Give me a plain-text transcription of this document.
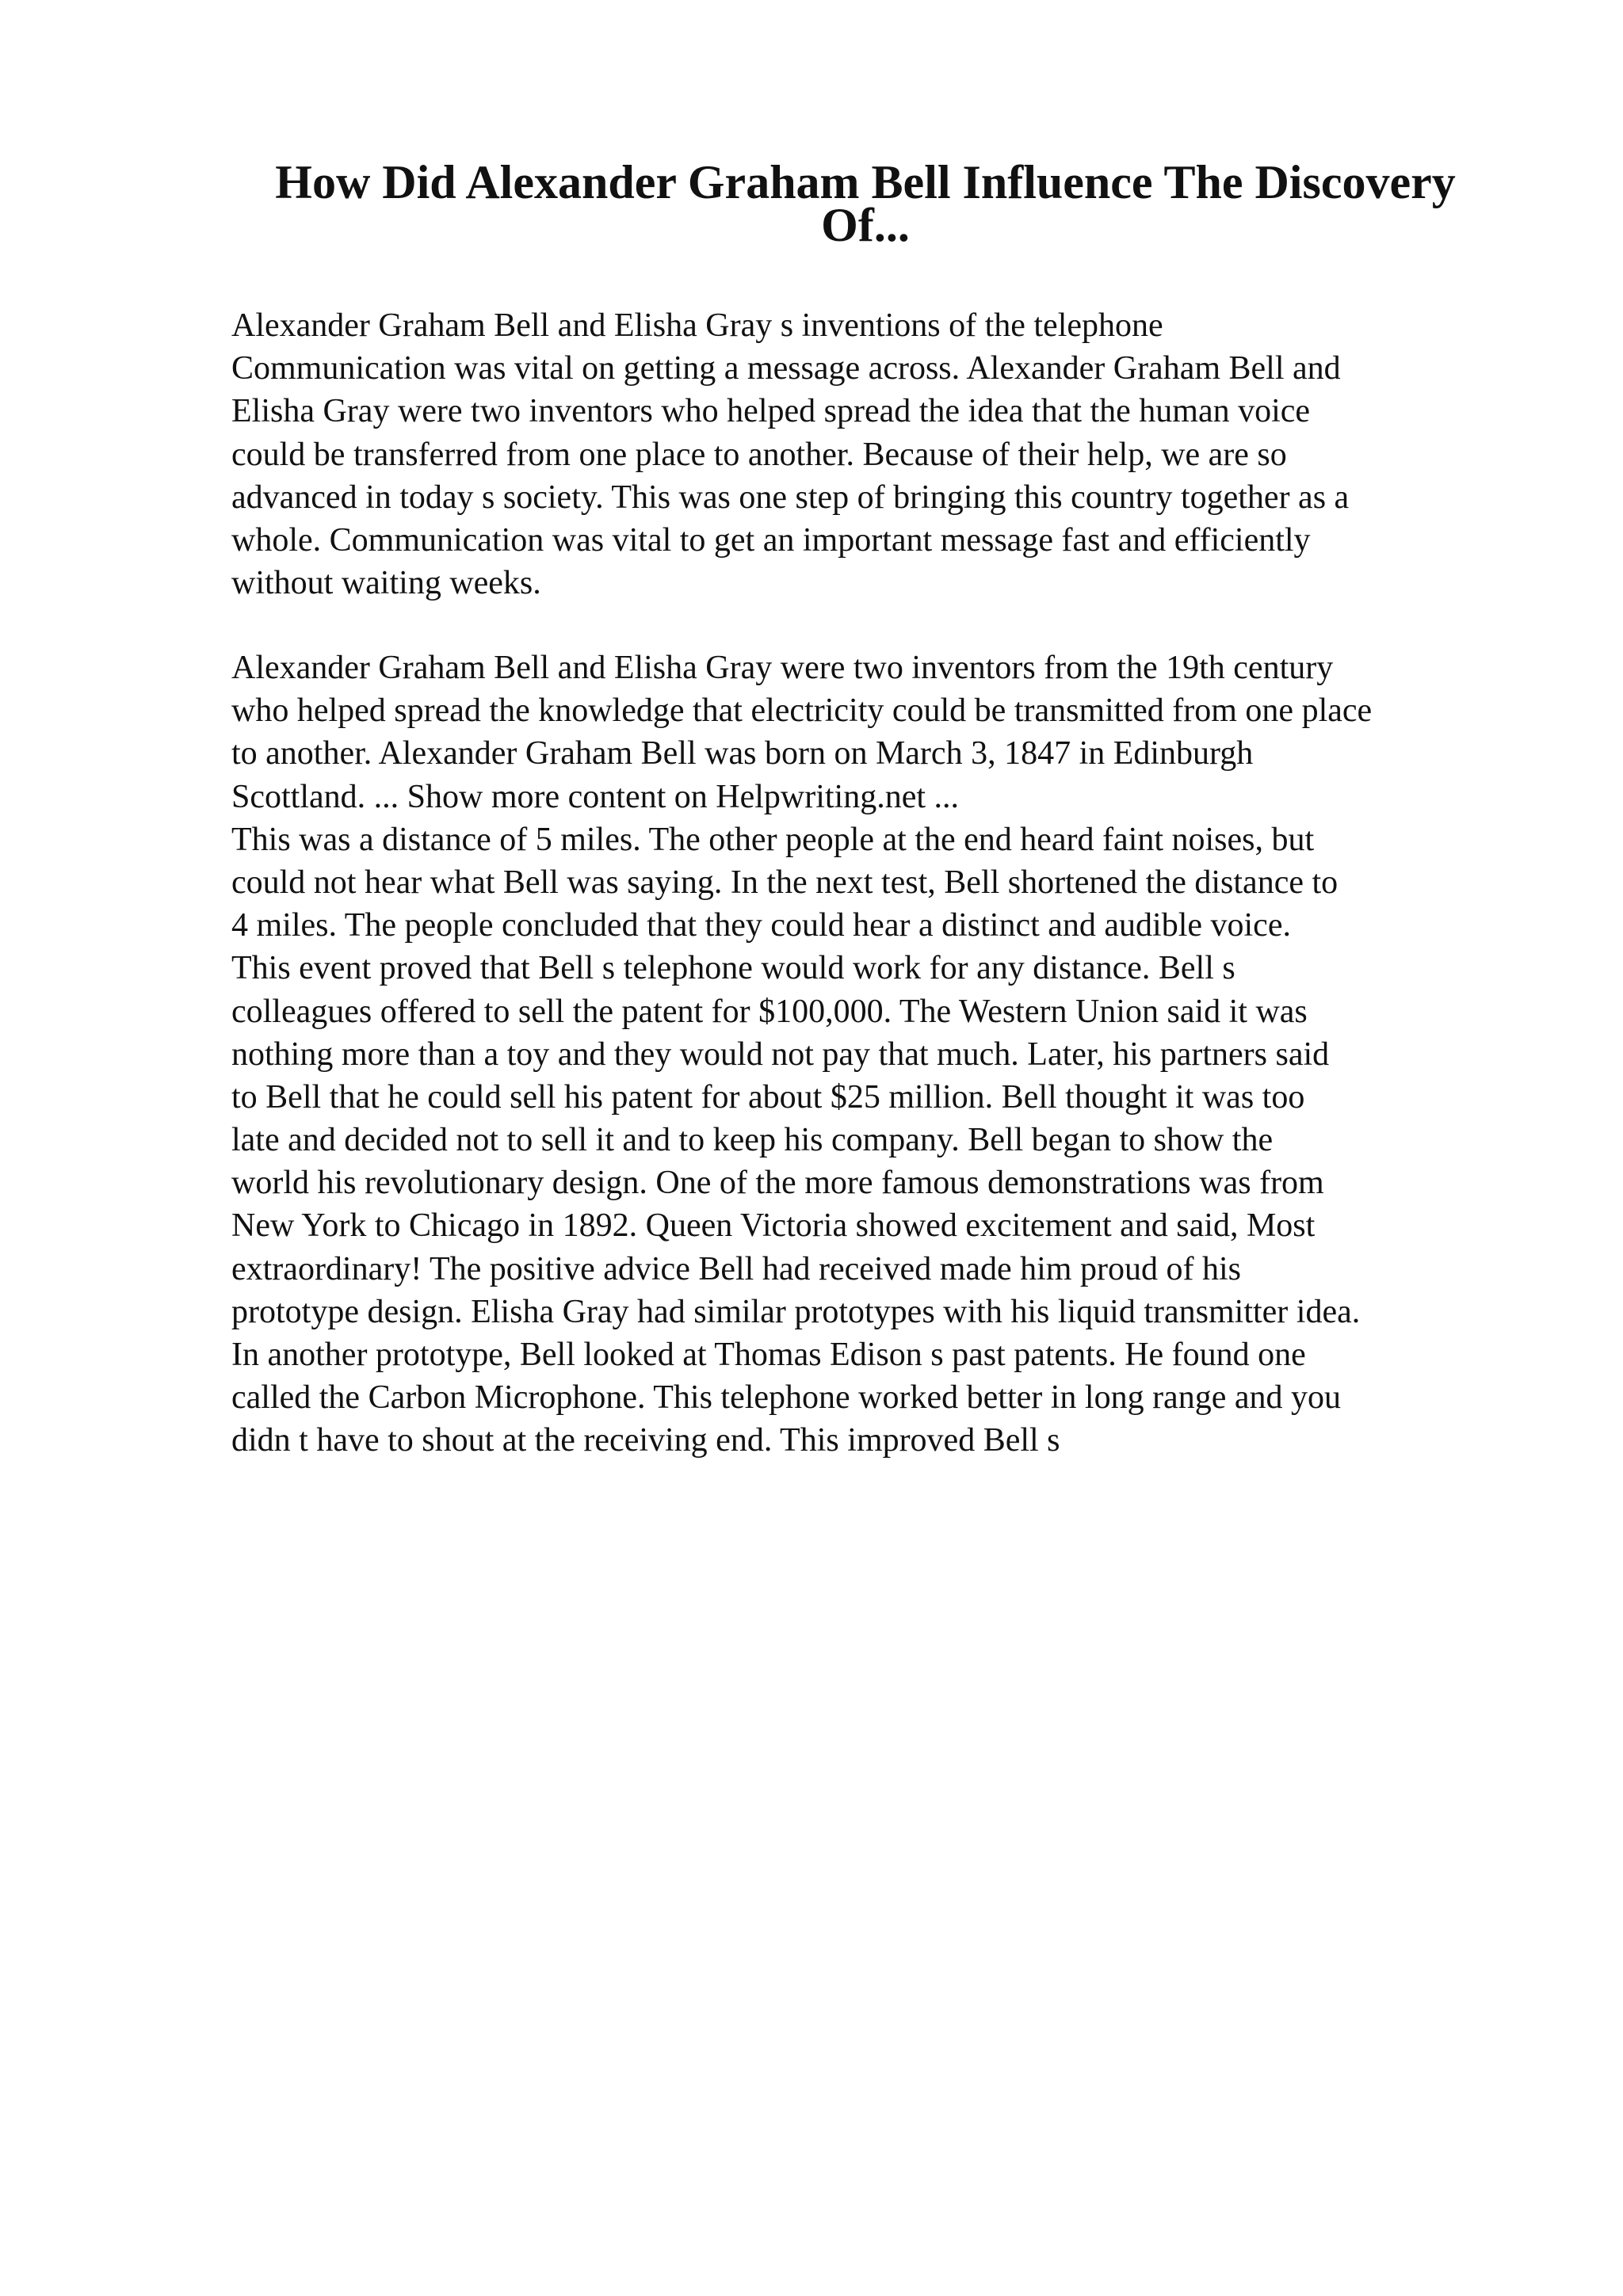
How Did Alexander Graham Bell Influence The Discovery
Of...

Alexander Graham Bell and Elisha Gray s inventions of the telephone
Communication was vital on getting a message across. Alexander Graham Bell and
Elisha Gray were two inventors who helped spread the idea that the human voice
could be transferred from one place to another. Because of their help, we are so
advanced in today s society. This was one step of bringing this country together as a
whole. Communication was vital to get an important message fast and efficiently
without waiting weeks.

Alexander Graham Bell and Elisha Gray were two inventors from the 19th century
who helped spread the knowledge that electricity could be transmitted from one place
to another. Alexander Graham Bell was born on March 3, 1847 in Edinburgh
Scottland. ... Show more content on Helpwriting.net ...
This was a distance of 5 miles. The other people at the end heard faint noises, but
could not hear what Bell was saying. In the next test, Bell shortened the distance to
4 miles. The people concluded that they could hear a distinct and audible voice.
This event proved that Bell s telephone would work for any distance. Bell s
colleagues offered to sell the patent for $100,000. The Western Union said it was
nothing more than a toy and they would not pay that much. Later, his partners said
to Bell that he could sell his patent for about $25 million. Bell thought it was too
late and decided not to sell it and to keep his company. Bell began to show the
world his revolutionary design. One of the more famous demonstrations was from
New York to Chicago in 1892. Queen Victoria showed excitement and said, Most
extraordinary! The positive advice Bell had received made him proud of his
prototype design. Elisha Gray had similar prototypes with his liquid transmitter idea.
In another prototype, Bell looked at Thomas Edison s past patents. He found one
called the Carbon Microphone. This telephone worked better in long range and you
didn t have to shout at the receiving end. This improved Bell s
